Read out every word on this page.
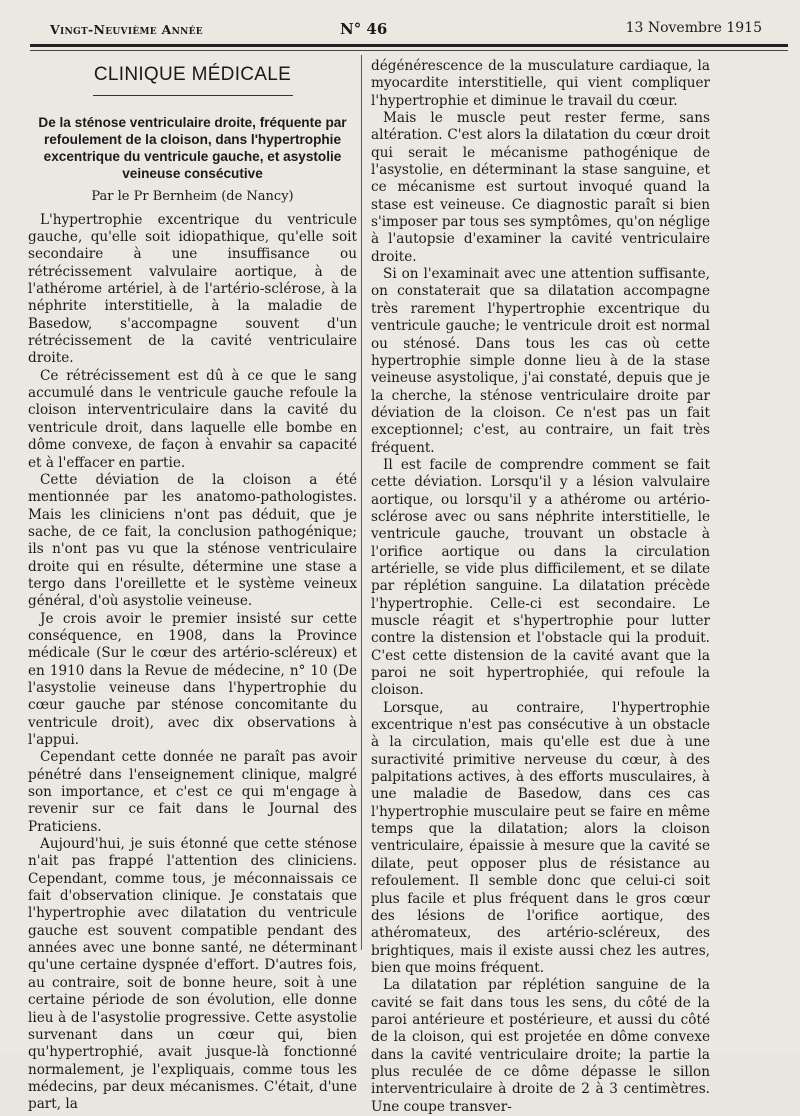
Vingt-Neuvième Année	N° 46	13 Novembre 1915
CLINIQUE MÉDICALE
De la sténose ventriculaire droite, fréquente par refoulement de la cloison, dans l'hypertrophie excentrique du ventricule gauche, et asystolie veineuse consécutive
Par le Pr Bernheim (de Nancy)

L'hypertrophie excentrique du ventricule gauche, qu'elle soit idiopathique, qu'elle soit secondaire à une insuffisance ou rétrécissement valvulaire aortique, à de l'athérome artériel, à de l'artério-sclérose, à la néphrite interstitielle, à la maladie de Basedow, s'accompagne souvent d'un rétrécissement de la cavité ventriculaire droite.

Ce rétrécissement est dû à ce que le sang accumulé dans le ventricule gauche refoule la cloison interventriculaire dans la cavité du ventricule droit, dans laquelle elle bombe en dôme convexe, de façon à envahir sa capacité et à l'effacer en partie.

Cette déviation de la cloison a été mentionnée par les anatomo-pathologistes. Mais les cliniciens n'ont pas déduit, que je sache, de ce fait, la conclusion pathogénique; ils n'ont pas vu que la sténose ventriculaire droite qui en résulte, détermine une stase a tergo dans l'oreillette et le système veineux général, d'où asystolie veineuse.

Je crois avoir le premier insisté sur cette conséquence, en 1908, dans la Province médicale (Sur le cœur des artério-scléreux) et en 1910 dans la Revue de médecine, n° 10 (De l'asystolie veineuse dans l'hypertrophie du cœur gauche par sténose concomitante du ventricule droit), avec dix observations à l'appui.

Cependant cette donnée ne paraît pas avoir pénétré dans l'enseignement clinique, malgré son importance, et c'est ce qui m'engage à revenir sur ce fait dans le Journal des Praticiens.

Aujourd'hui, je suis étonné que cette sténose n'ait pas frappé l'attention des cliniciens. Cependant, comme tous, je méconnaissais ce fait d'observation clinique. Je constatais que l'hypertrophie avec dilatation du ventricule gauche est souvent compatible pendant des années avec une bonne santé, ne déterminant qu'une certaine dyspnée d'effort. D'autres fois, au contraire, soit de bonne heure, soit à une certaine période de son évolution, elle donne lieu à de l'asystolie progressive. Cette asystolie survenant dans un cœur qui, bien qu'hypertrophié, avait jusque-là fonctionné normalement, je l'expliquais, comme tous les médecins, par deux mécanismes. C'était, d'une part, la

dégénérescence de la musculature cardiaque, la myocardite interstitielle, qui vient compliquer l'hypertrophie et diminue le travail du cœur.

Mais le muscle peut rester ferme, sans altération. C'est alors la dilatation du cœur droit qui serait le mécanisme pathogénique de l'asystolie, en déterminant la stase sanguine, et ce mécanisme est surtout invoqué quand la stase est veineuse. Ce diagnostic paraît si bien s'imposer par tous ses symptômes, qu'on néglige à l'autopsie d'examiner la cavité ventriculaire droite.

Si on l'examinait avec une attention suffisante, on constaterait que sa dilatation accompagne très rarement l'hypertrophie excentrique du ventricule gauche; le ventricule droit est normal ou sténosé. Dans tous les cas où cette hypertrophie simple donne lieu à de la stase veineuse asystolique, j'ai constaté, depuis que je la cherche, la sténose ventriculaire droite par déviation de la cloison. Ce n'est pas un fait exceptionnel; c'est, au contraire, un fait très fréquent.

Il est facile de comprendre comment se fait cette déviation. Lorsqu'il y a lésion valvulaire aortique, ou lorsqu'il y a athérome ou artério-sclérose avec ou sans néphrite interstitielle, le ventricule gauche, trouvant un obstacle à l'orifice aortique ou dans la circulation artérielle, se vide plus difficilement, et se dilate par réplétion sanguine. La dilatation précède l'hypertrophie. Celle-ci est secondaire. Le muscle réagit et s'hypertrophie pour lutter contre la distension et l'obstacle qui la produit. C'est cette distension de la cavité avant que la paroi ne soit hypertrophiée, qui refoule la cloison.

Lorsque, au contraire, l'hypertrophie excentrique n'est pas consécutive à un obstacle à la circulation, mais qu'elle est due à une suractivité primitive nerveuse du cœur, à des palpitations actives, à des efforts musculaires, à une maladie de Basedow, dans ces cas l'hypertrophie musculaire peut se faire en même temps que la dilatation; alors la cloison ventriculaire, épaissie à mesure que la cavité se dilate, peut opposer plus de résistance au refoulement. Il semble donc que celui-ci soit plus facile et plus fréquent dans le gros cœur des lésions de l'orifice aortique, des athéromateux, des artério-scléreux, des brightiques, mais il existe aussi chez les autres, bien que moins fréquent.

La dilatation par réplétion sanguine de la cavité se fait dans tous les sens, du côté de la paroi antérieure et postérieure, et aussi du côté de la cloison, qui est projetée en dôme convexe dans la cavité ventriculaire droite; la partie la plus reculée de ce dôme dépasse le sillon interventriculaire à droite de 2 à 3 centimètres. Une coupe transver-
